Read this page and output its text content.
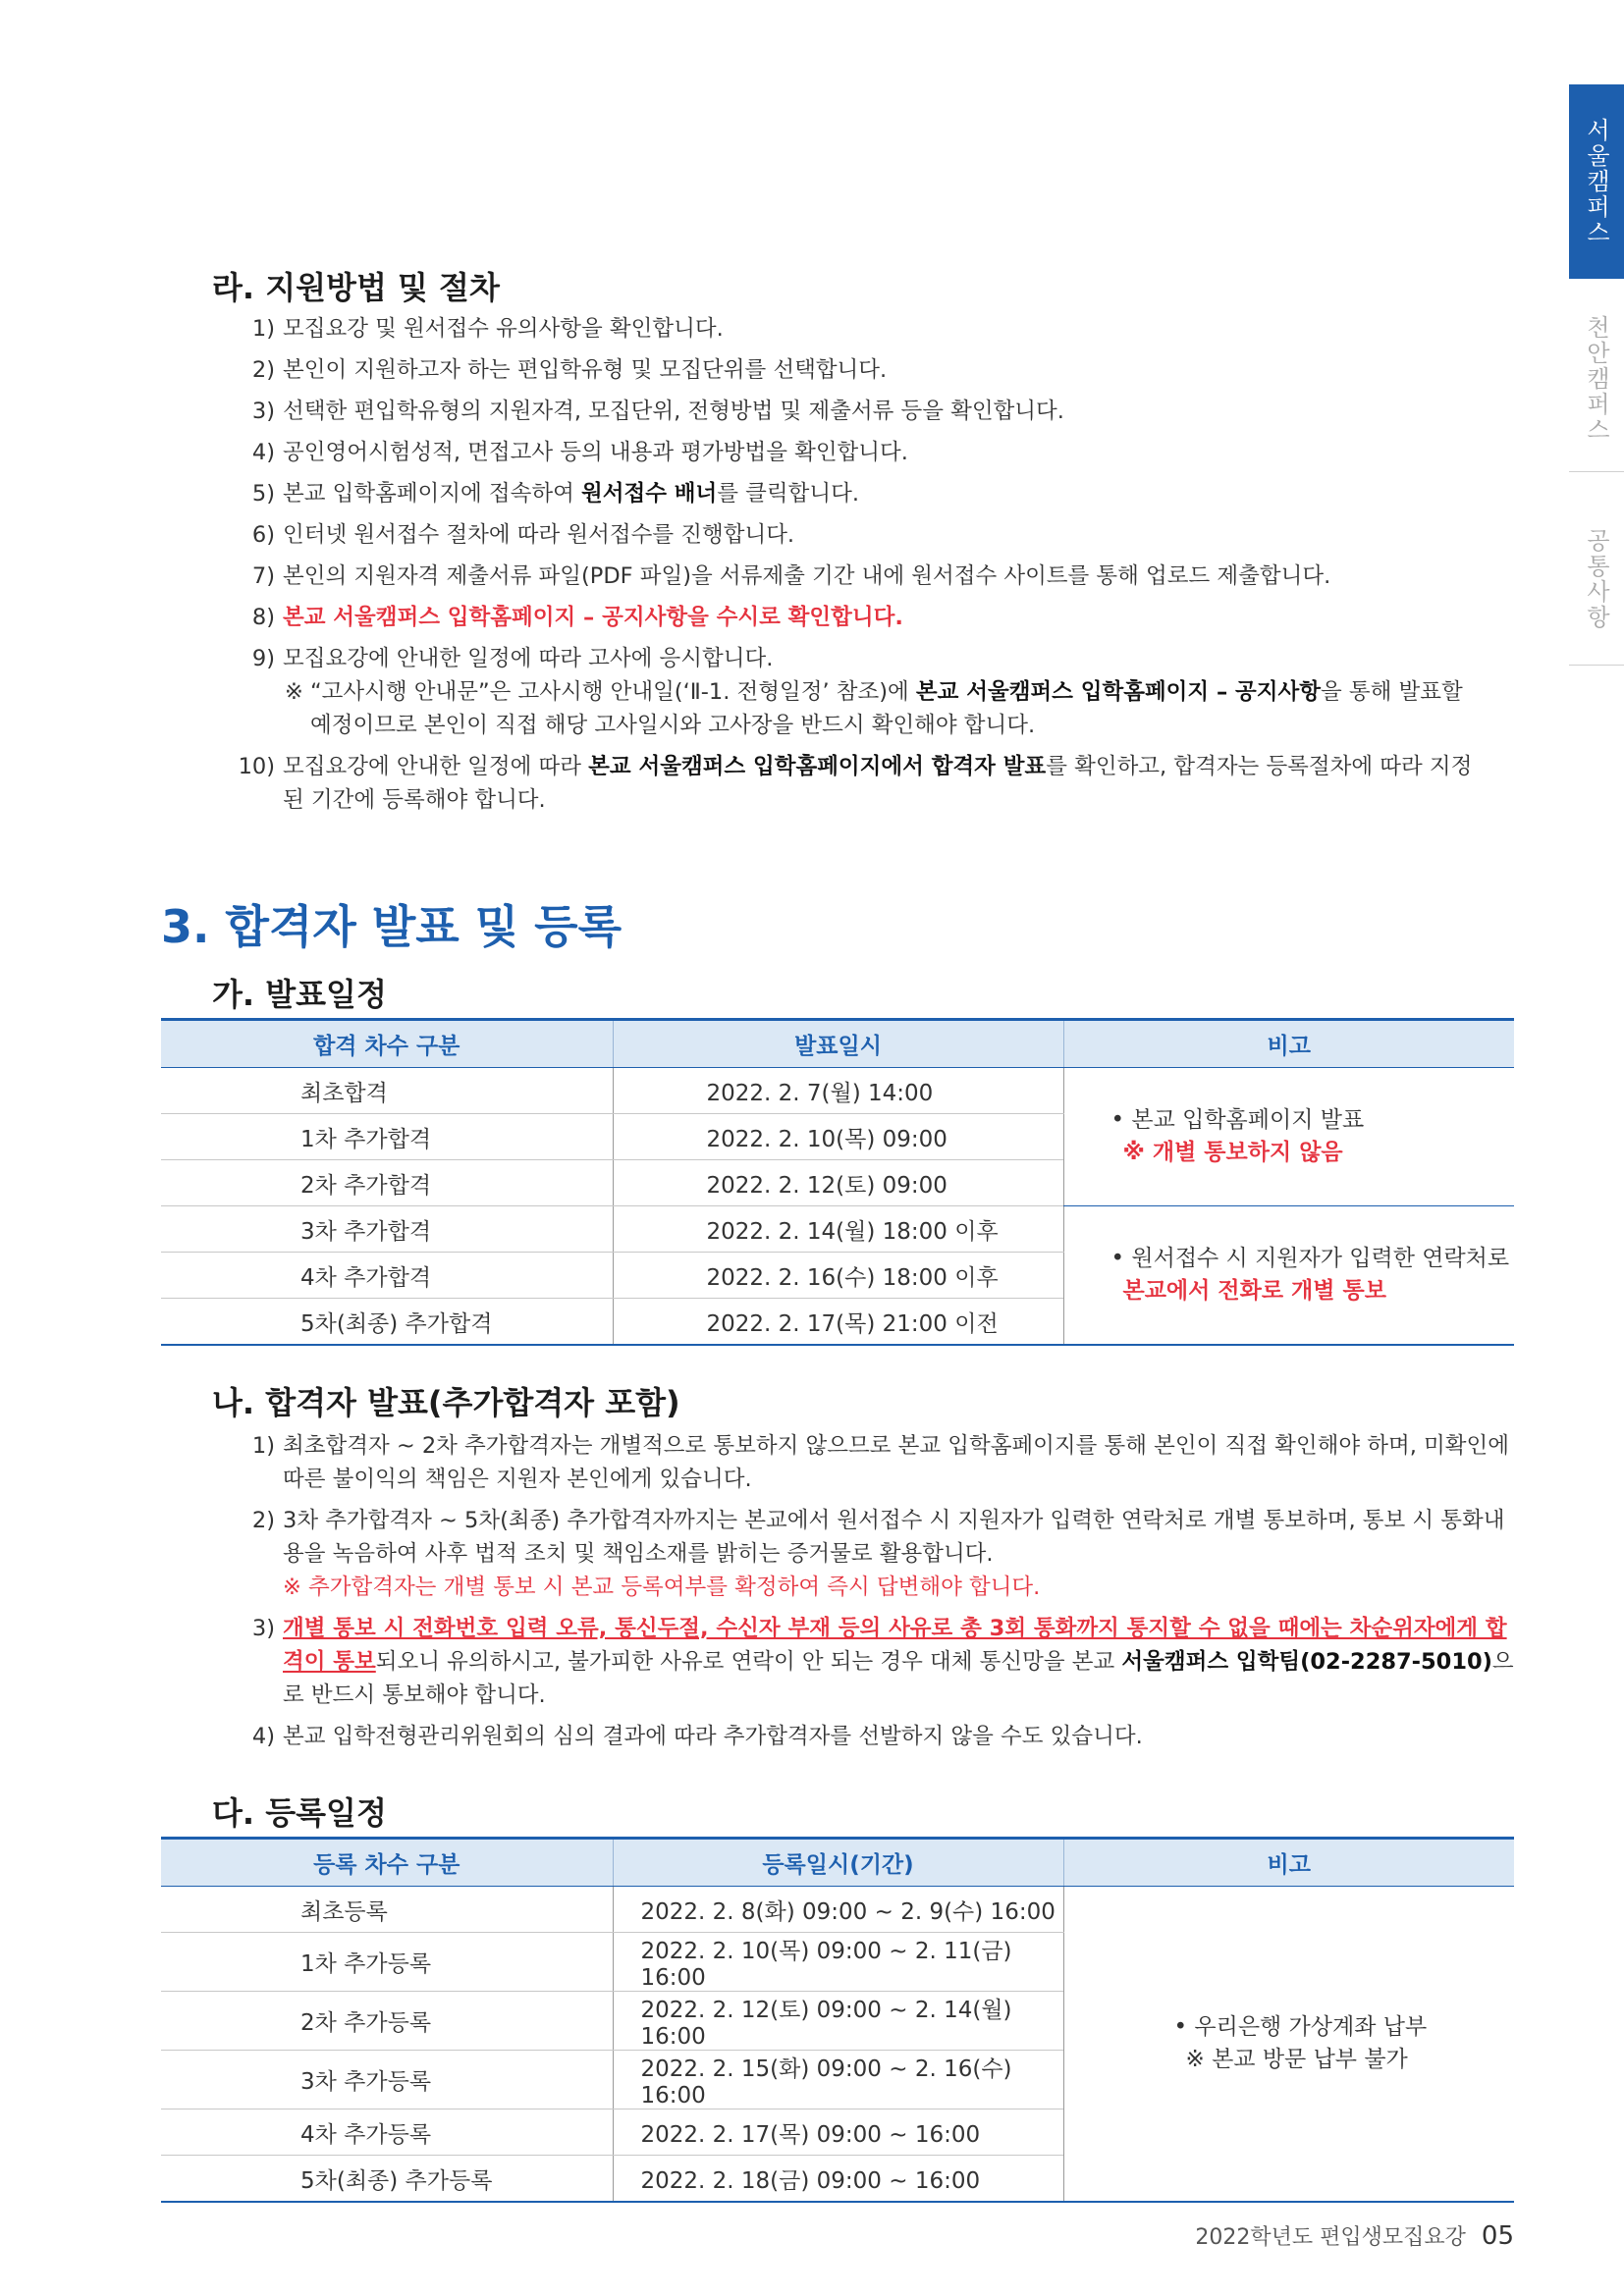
서울캠퍼스
천안캠퍼스
공통사항
라. 지원방법 및 절차
1) 모집요강 및 원서접수 유의사항을 확인합니다.
2) 본인이 지원하고자 하는 편입학유형 및 모집단위를 선택합니다.
3) 선택한 편입학유형의 지원자격, 모집단위, 전형방법 및 제출서류 등을 확인합니다.
4) 공인영어시험성적, 면접고사 등의 내용과 평가방법을 확인합니다.
5) 본교 입학홈페이지에 접속하여 원서접수 배너를 클릭합니다.
6) 인터넷 원서접수 절차에 따라 원서접수를 진행합니다.
7) 본인의 지원자격 제출서류 파일(PDF 파일)을 서류제출 기간 내에 원서접수 사이트를 통해 업로드 제출합니다.
8) 본교 서울캠퍼스 입학홈페이지 – 공지사항을 수시로 확인합니다.
9) 모집요강에 안내한 일정에 따라 고사에 응시합니다.
※ “고사시행 안내문”은 고사시행 안내일(‘Ⅱ-1. 전형일정’ 참조)에 본교 서울캠퍼스 입학홈페이지 – 공지사항을 통해 발표할 예정이므로 본인이 직접 해당 고사일시와 고사장을 반드시 확인해야 합니다.
10) 모집요강에 안내한 일정에 따라 본교 서울캠퍼스 입학홈페이지에서 합격자 발표를 확인하고, 합격자는 등록절차에 따라 지정된 기간에 등록해야 합니다.
3. 합격자 발표 및 등록
가. 발표일정
합격 차수 구분	발표일시	비고
최초합격	2022. 2. 7(월) 14:00	• 본교 입학홈페이지 발표
※ 개별 통보하지 않음

1차 추가합격	2022. 2. 10(목) 09:00	
2차 추가합격	2022. 2. 12(토) 09:00	
3차 추가합격	2022. 2. 14(월) 18:00 이후	• 원서접수 시 지원자가 입력한 연락처로
본교에서 전화로 개별 통보

4차 추가합격	2022. 2. 16(수) 18:00 이후	
5차(최종) 추가합격	2022. 2. 17(목) 21:00 이전	
나. 합격자 발표(추가합격자 포함)
1) 최초합격자 ~ 2차 추가합격자는 개별적으로 통보하지 않으므로 본교 입학홈페이지를 통해 본인이 직접 확인해야 하며, 미확인에 따른 불이익의 책임은 지원자 본인에게 있습니다.
2) 3차 추가합격자 ~ 5차(최종) 추가합격자까지는 본교에서 원서접수 시 지원자가 입력한 연락처로 개별 통보하며, 통보 시 통화내용을 녹음하여 사후 법적 조치 및 책임소재를 밝히는 증거물로 활용합니다.
※ 추가합격자는 개별 통보 시 본교 등록여부를 확정하여 즉시 답변해야 합니다.
3) 개별 통보 시 전화번호 입력 오류, 통신두절, 수신자 부재 등의 사유로 총 3회 통화까지 통지할 수 없을 때에는 차순위자에게 합격이 통보되오니 유의하시고, 불가피한 사유로 연락이 안 되는 경우 대체 통신망을 본교 서울캠퍼스 입학팀(02-2287-5010)으로 반드시 통보해야 합니다.
4) 본교 입학전형관리위원회의 심의 결과에 따라 추가합격자를 선발하지 않을 수도 있습니다.
다. 등록일정
등록 차수 구분	등록일시(기간)	비고
최초등록	2022. 2. 8(화) 09:00 ~ 2. 9(수) 16:00	• 우리은행 가상계좌 납부
※ 본교 방문 납부 불가

1차 추가등록	2022. 2. 10(목) 09:00 ~ 2. 11(금) 16:00	
2차 추가등록	2022. 2. 12(토) 09:00 ~ 2. 14(월) 16:00	
3차 추가등록	2022. 2. 15(화) 09:00 ~ 2. 16(수) 16:00	
4차 추가등록	2022. 2. 17(목) 09:00 ~ 16:00	
5차(최종) 추가등록	2022. 2. 18(금) 09:00 ~ 16:00	
2022학년도 편입생모집요강 05
